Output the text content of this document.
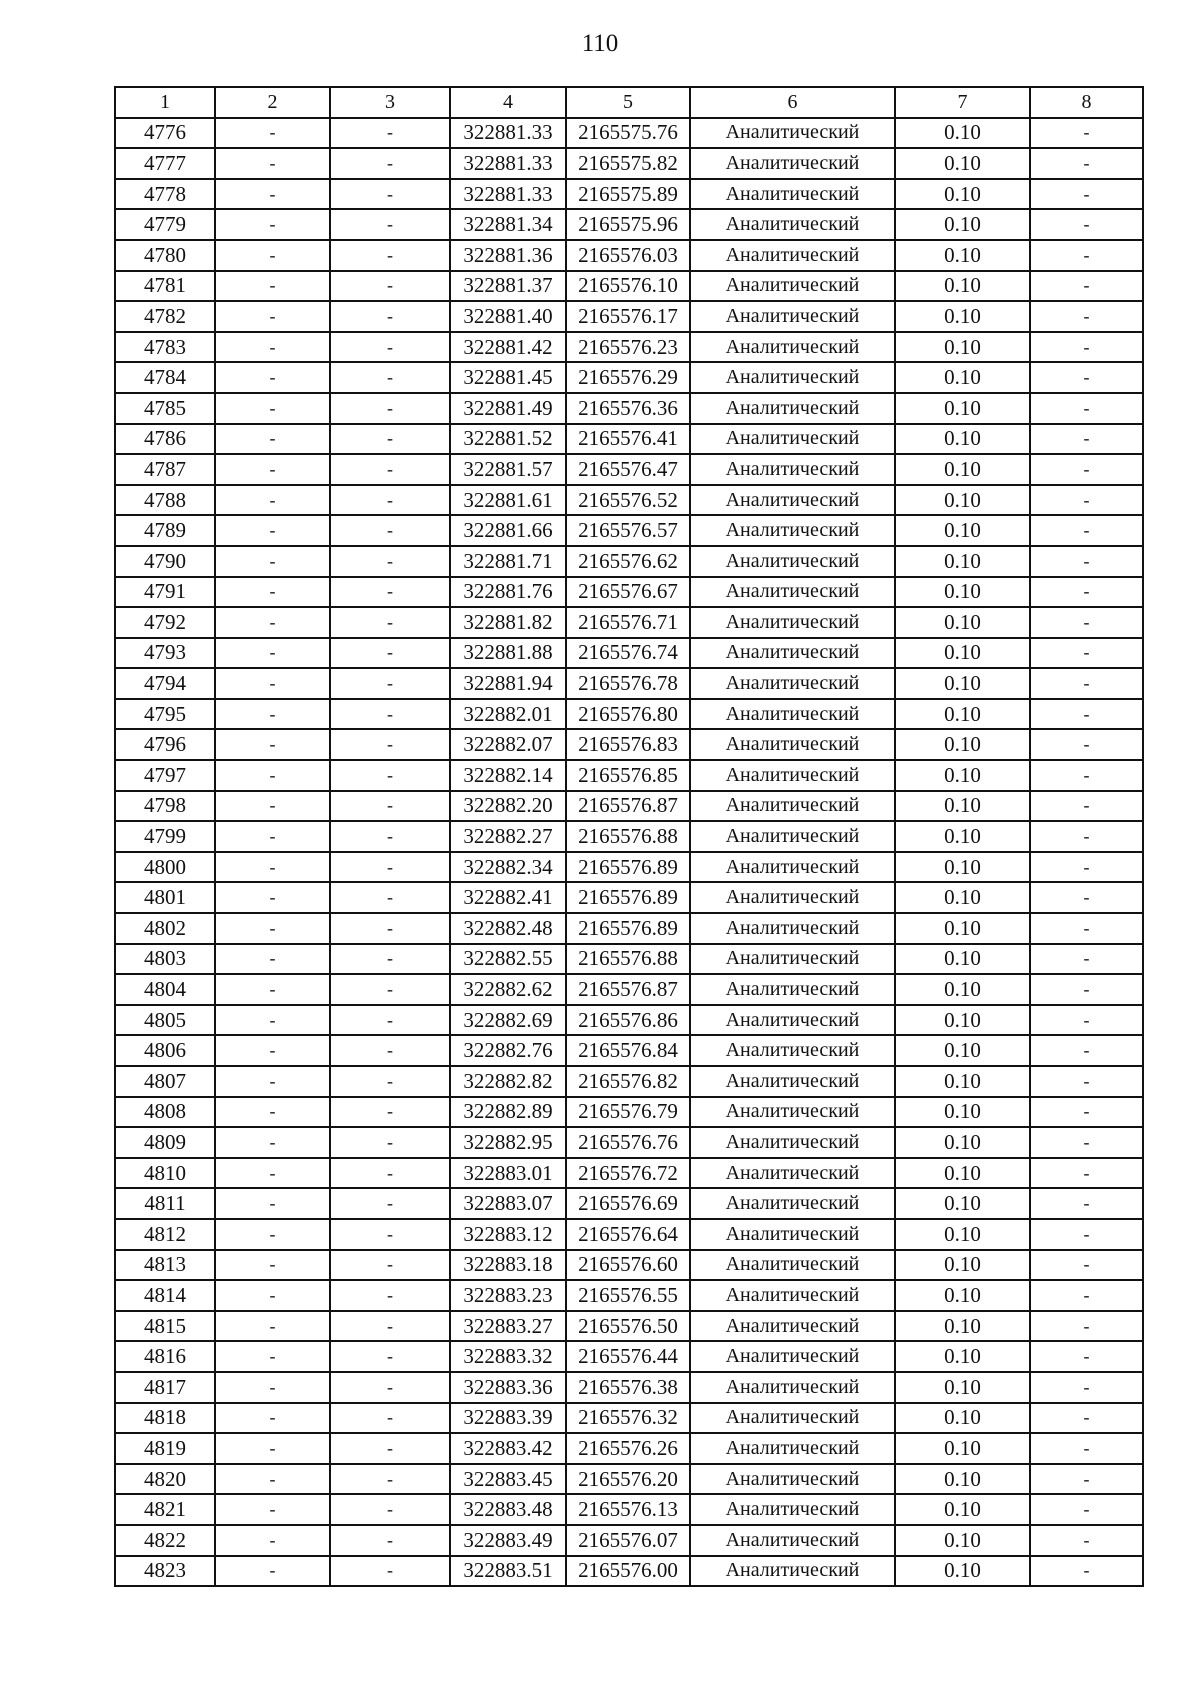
110
1	2	3	4	5	6	7	8
4776	-	-	322881.33	2165575.76	Аналитический	0.10	-
4777	-	-	322881.33	2165575.82	Аналитический	0.10	-
4778	-	-	322881.33	2165575.89	Аналитический	0.10	-
4779	-	-	322881.34	2165575.96	Аналитический	0.10	-
4780	-	-	322881.36	2165576.03	Аналитический	0.10	-
4781	-	-	322881.37	2165576.10	Аналитический	0.10	-
4782	-	-	322881.40	2165576.17	Аналитический	0.10	-
4783	-	-	322881.42	2165576.23	Аналитический	0.10	-
4784	-	-	322881.45	2165576.29	Аналитический	0.10	-
4785	-	-	322881.49	2165576.36	Аналитический	0.10	-
4786	-	-	322881.52	2165576.41	Аналитический	0.10	-
4787	-	-	322881.57	2165576.47	Аналитический	0.10	-
4788	-	-	322881.61	2165576.52	Аналитический	0.10	-
4789	-	-	322881.66	2165576.57	Аналитический	0.10	-
4790	-	-	322881.71	2165576.62	Аналитический	0.10	-
4791	-	-	322881.76	2165576.67	Аналитический	0.10	-
4792	-	-	322881.82	2165576.71	Аналитический	0.10	-
4793	-	-	322881.88	2165576.74	Аналитический	0.10	-
4794	-	-	322881.94	2165576.78	Аналитический	0.10	-
4795	-	-	322882.01	2165576.80	Аналитический	0.10	-
4796	-	-	322882.07	2165576.83	Аналитический	0.10	-
4797	-	-	322882.14	2165576.85	Аналитический	0.10	-
4798	-	-	322882.20	2165576.87	Аналитический	0.10	-
4799	-	-	322882.27	2165576.88	Аналитический	0.10	-
4800	-	-	322882.34	2165576.89	Аналитический	0.10	-
4801	-	-	322882.41	2165576.89	Аналитический	0.10	-
4802	-	-	322882.48	2165576.89	Аналитический	0.10	-
4803	-	-	322882.55	2165576.88	Аналитический	0.10	-
4804	-	-	322882.62	2165576.87	Аналитический	0.10	-
4805	-	-	322882.69	2165576.86	Аналитический	0.10	-
4806	-	-	322882.76	2165576.84	Аналитический	0.10	-
4807	-	-	322882.82	2165576.82	Аналитический	0.10	-
4808	-	-	322882.89	2165576.79	Аналитический	0.10	-
4809	-	-	322882.95	2165576.76	Аналитический	0.10	-
4810	-	-	322883.01	2165576.72	Аналитический	0.10	-
4811	-	-	322883.07	2165576.69	Аналитический	0.10	-
4812	-	-	322883.12	2165576.64	Аналитический	0.10	-
4813	-	-	322883.18	2165576.60	Аналитический	0.10	-
4814	-	-	322883.23	2165576.55	Аналитический	0.10	-
4815	-	-	322883.27	2165576.50	Аналитический	0.10	-
4816	-	-	322883.32	2165576.44	Аналитический	0.10	-
4817	-	-	322883.36	2165576.38	Аналитический	0.10	-
4818	-	-	322883.39	2165576.32	Аналитический	0.10	-
4819	-	-	322883.42	2165576.26	Аналитический	0.10	-
4820	-	-	322883.45	2165576.20	Аналитический	0.10	-
4821	-	-	322883.48	2165576.13	Аналитический	0.10	-
4822	-	-	322883.49	2165576.07	Аналитический	0.10	-
4823	-	-	322883.51	2165576.00	Аналитический	0.10	-
